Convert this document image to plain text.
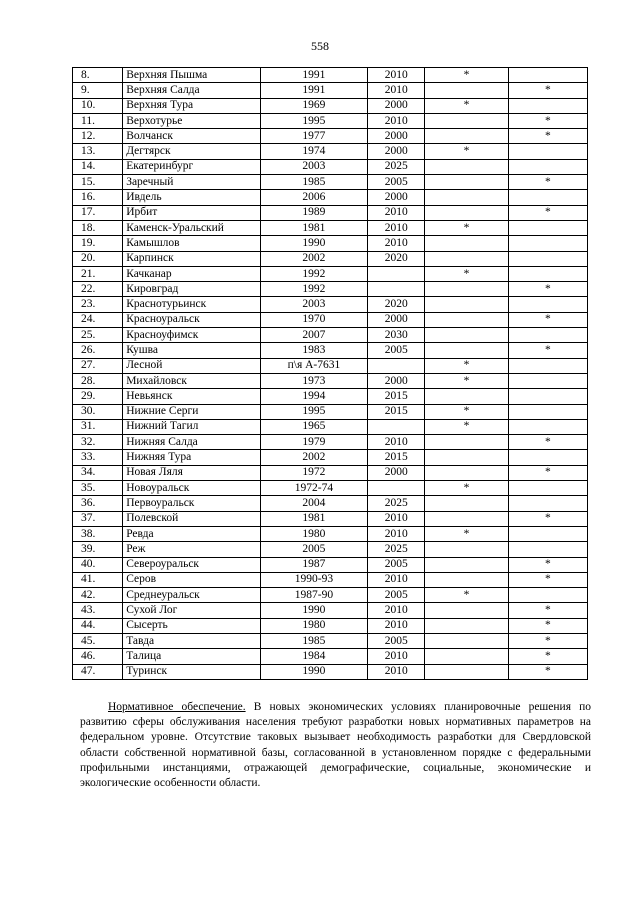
558
8.	Верхняя Пышма	1991	2010	*	
9.	Верхняя Салда	1991	2010		*
10.	Верхняя Тура	1969	2000	*	
11.	Верхотурье	1995	2010		*
12.	Волчанск	1977	2000		*
13.	Дегтярск	1974	2000	*	
14.	Екатеринбург	2003	2025		
15.	Заречный	1985	2005		*
16.	Ивдель	2006	2000		
17.	Ирбит	1989	2010		*
18.	Каменск-Уральский	1981	2010	*	
19.	Камышлов	1990	2010		
20.	Карпинск	2002	2020		
21.	Качканар	1992		*	
22.	Кировград	1992			*
23.	Краснотурьинск	2003	2020		
24.	Красноуральск	1970	2000		*
25.	Красноуфимск	2007	2030		
26.	Кушва	1983	2005		*
27.	Лесной	п\я А-7631		*	
28.	Михайловск	1973	2000	*	
29.	Невьянск	1994	2015		
30.	Нижние Серги	1995	2015	*	
31.	Нижний Тагил	1965		*	
32.	Нижняя Салда	1979	2010		*
33.	Нижняя Тура	2002	2015		
34.	Новая Ляля	1972	2000		*
35.	Новоуральск	1972-74		*	
36.	Первоуральск	2004	2025		
37.	Полевской	1981	2010		*
38.	Ревда	1980	2010	*	
39.	Реж	2005	2025		
40.	Североуральск	1987	2005		*
41.	Серов	1990-93	2010		*
42.	Среднеуральск	1987-90	2005	*	
43.	Сухой Лог	1990	2010		*
44.	Сысерть	1980	2010		*
45.	Тавда	1985	2005		*
46.	Талица	1984	2010		*
47.	Туринск	1990	2010		*
Нормативное обеспечение. В новых экономических условиях планировочные решения по развитию сферы обслуживания населения требуют разработки новых нормативных параметров на федеральном уровне. Отсутствие таковых вызывает необходимость разработки для Свердловской области собственной нормативной базы, согласованной в установленном порядке с федеральными профильными инстанциями, отражающей демографические, социальные, экономические и экологические особенности области.
